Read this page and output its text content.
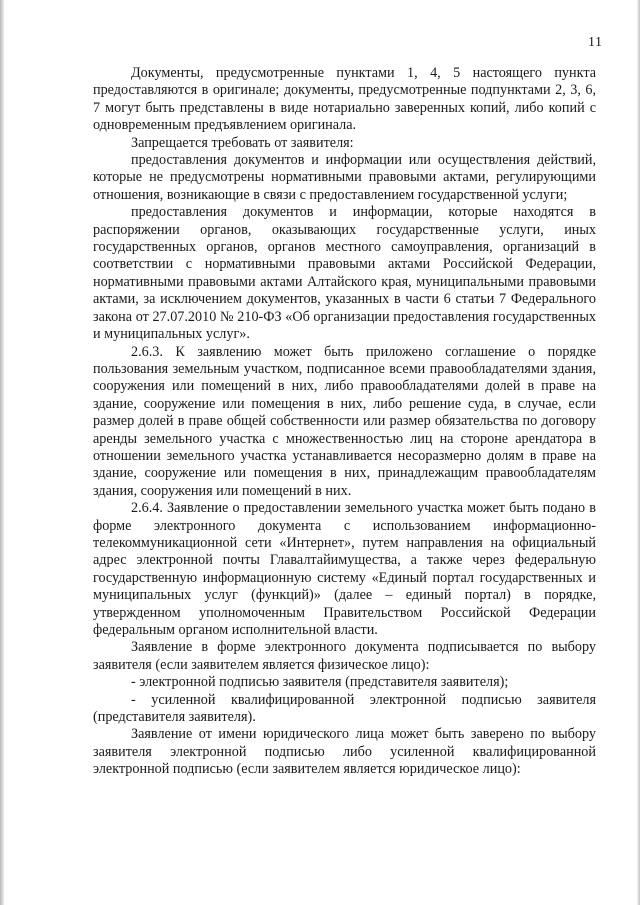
11

Документы, предусмотренные пунктами 1, 4, 5 настоящего пункта предоставляются в оригинале; документы, предусмотренные подпунктами 2, 3, 6, 7 могут быть представлены в виде нотариально заверенных копий, либо копий с одновременным предъявлением оригинала.

Запрещается требовать от заявителя:

предоставления документов и информации или осуществления действий, которые не предусмотрены нормативными правовыми актами, регулирующими отношения, возникающие в связи с предоставлением государственной услуги;

предоставления документов и информации, которые находятся в распоряжении органов, оказывающих государственные услуги, иных государственных органов, органов местного самоуправления, организаций в соответствии с нормативными правовыми актами Российской Федерации, нормативными правовыми актами Алтайского края, муниципальными правовыми актами, за исключением документов, указанных в части 6 статьи 7 Федерального закона от 27.07.2010 № 210-ФЗ «Об организации предоставления государственных и муниципальных услуг».

2.6.3. К заявлению может быть приложено соглашение о порядке пользования земельным участком, подписанное всеми правообладателями здания, сооружения или помещений в них, либо правообладателями долей в праве на здание, сооружение или помещения в них, либо решение суда, в случае, если размер долей в праве общей собственности или размер обязательства по договору аренды земельного участка с множественностью лиц на стороне арендатора в отношении земельного участка устанавливается несоразмерно долям в праве на здание, сооружение или помещения в них, принадлежащим правообладателям здания, сооружения или помещений в них.

2.6.4. Заявление о предоставлении земельного участка может быть подано в форме электронного документа с использованием информационно-телекоммуникационной сети «Интернет», путем направления на официальный адрес электронной почты Главалтайимущества, а также через федеральную государственную информационную систему «Единый портал государственных и муниципальных услуг (функций)» (далее – единый портал) в порядке, утвержденном уполномоченным Правительством Российской Федерации федеральным органом исполнительной власти.

Заявление в форме электронного документа подписывается по выбору заявителя (если заявителем является физическое лицо):

- электронной подписью заявителя (представителя заявителя);

- усиленной квалифицированной электронной подписью заявителя (представителя заявителя).

Заявление от имени юридического лица может быть заверено по выбору заявителя электронной подписью либо усиленной квалифицированной электронной подписью (если заявителем является юридическое лицо):
